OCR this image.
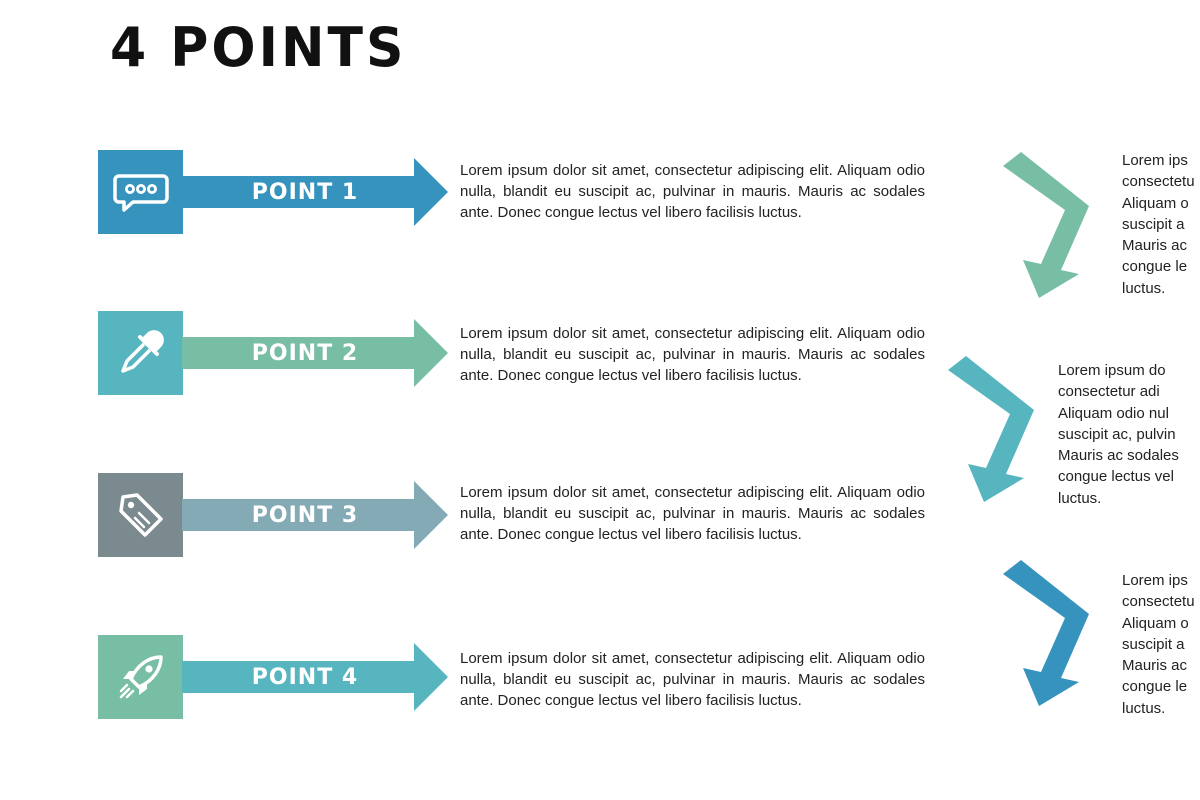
4 POINTS
POINT 1

Lorem ipsum dolor sit amet, consectetur adipiscing elit. Aliquam odio nulla, blandit eu suscipit ac, pulvinar in mauris. Mauris ac sodales ante. Donec congue lectus vel libero facilisis luctus.

POINT 2

Lorem ipsum dolor sit amet, consectetur adipiscing elit. Aliquam odio nulla, blandit eu suscipit ac, pulvinar in mauris. Mauris ac sodales ante. Donec congue lectus vel libero facilisis luctus.

POINT 3

Lorem ipsum dolor sit amet, consectetur adipiscing elit. Aliquam odio nulla, blandit eu suscipit ac, pulvinar in mauris. Mauris ac sodales ante. Donec congue lectus vel libero facilisis luctus.

POINT 4

Lorem ipsum dolor sit amet, consectetur adipiscing elit. Aliquam odio nulla, blandit eu suscipit ac, pulvinar in mauris. Mauris ac sodales ante. Donec congue lectus vel libero facilisis luctus.

Lorem ips
consectetu
Aliquam o
suscipit a
Mauris ac
congue le
luctus.
Lorem ipsum do
consectetur adi
Aliquam odio nul
suscipit ac, pulvin
Mauris ac sodales
congue lectus vel
luctus.
Lorem ips
consectetu
Aliquam o
suscipit a
Mauris ac
congue le
luctus.
